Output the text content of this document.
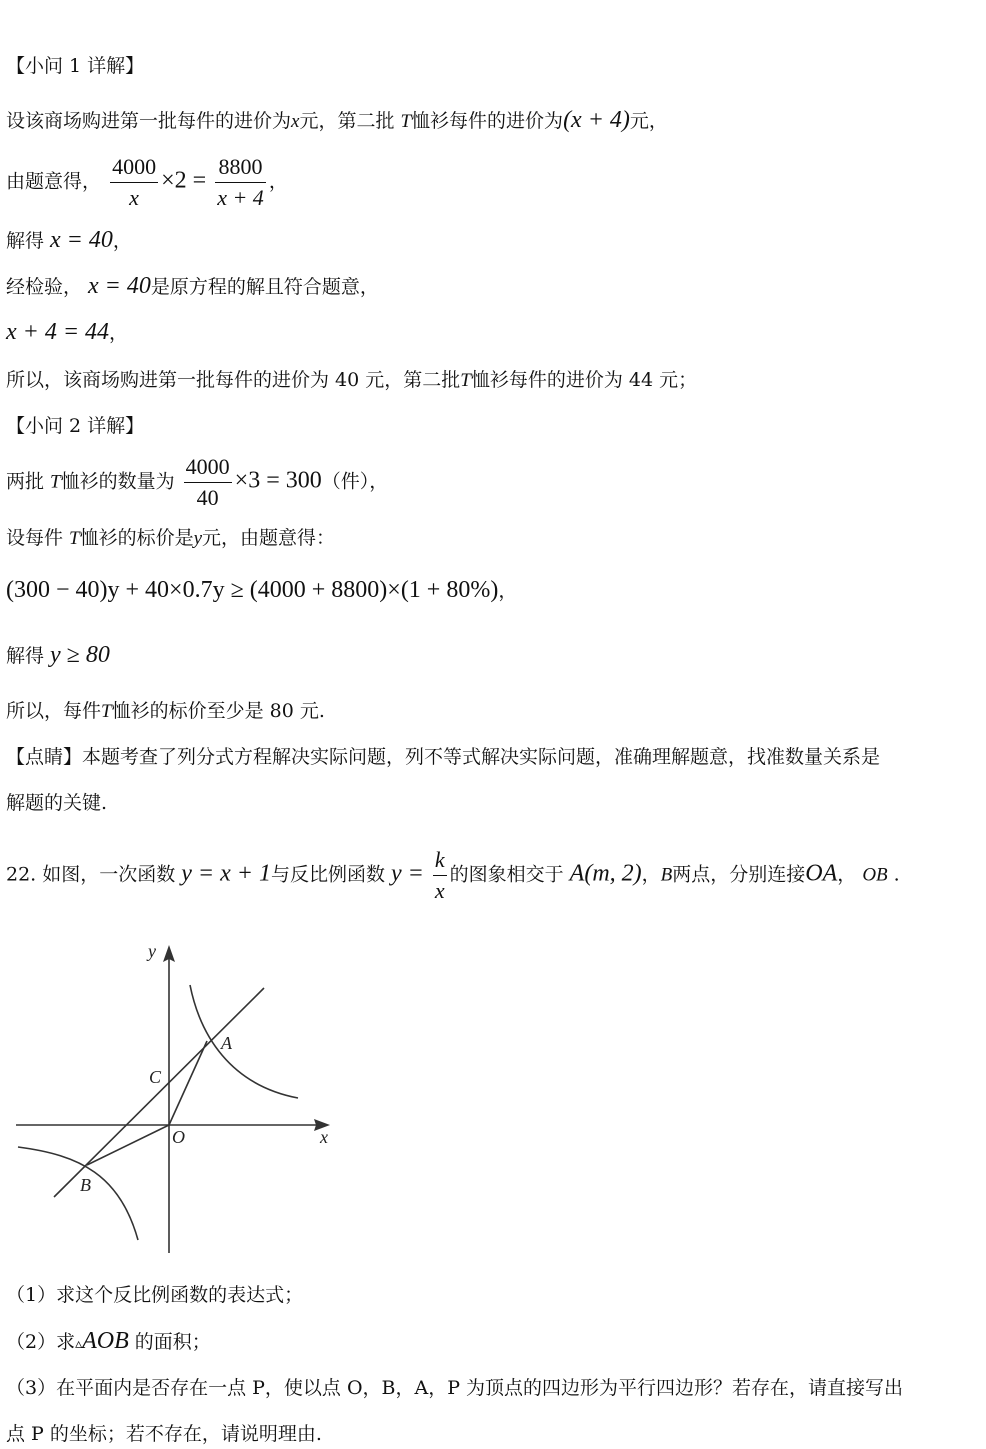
【小问 1 详解】
设该商场购进第一批每件的进价为x元，第二批 T恤衫每件的进价为(x + 4)元，
由题意得， $\frac{4000}{x} \times 2 = \frac{8800}{x + 4}$ ，
解得 x = 40，
经检验， x = 40是原方程的解且符合题意，
x + 4 = 44，
所以，该商场购进第一批每件的进价为 40 元，第二批T恤衫每件的进价为 44 元；
【小问 2 详解】
两批 T恤衫的数量为 $\frac{4000}{40} \times 3 = 300$（件），
设每件 T恤衫的标价是y元，由题意得：
(300 − 40)y + 40×0.7y ≥ (4000 + 8800)×(1 + 80%)，
解得 y ≥ 80
所以，每件T恤衫的标价至少是 80 元.
【点睛】本题考查了列分式方程解决实际问题，列不等式解决实际问题，准确理解题意，找准数量关系是
解题的关键.
22. 如图，一次函数 y = x + 1与反比例函数 $y = \frac{k}{x}$ 的图象相交于 A(m, 2)，B两点，分别连接OA， OB .
y
x
O
A
B
C
（1）求这个反比例函数的表达式；
（2）求▵AOB 的面积；
（3）在平面内是否存在一点 P，使以点 O，B，A，P 为顶点的四边形为平行四边形？若存在，请直接写出
点 P 的坐标；若不存在，请说明理由.
